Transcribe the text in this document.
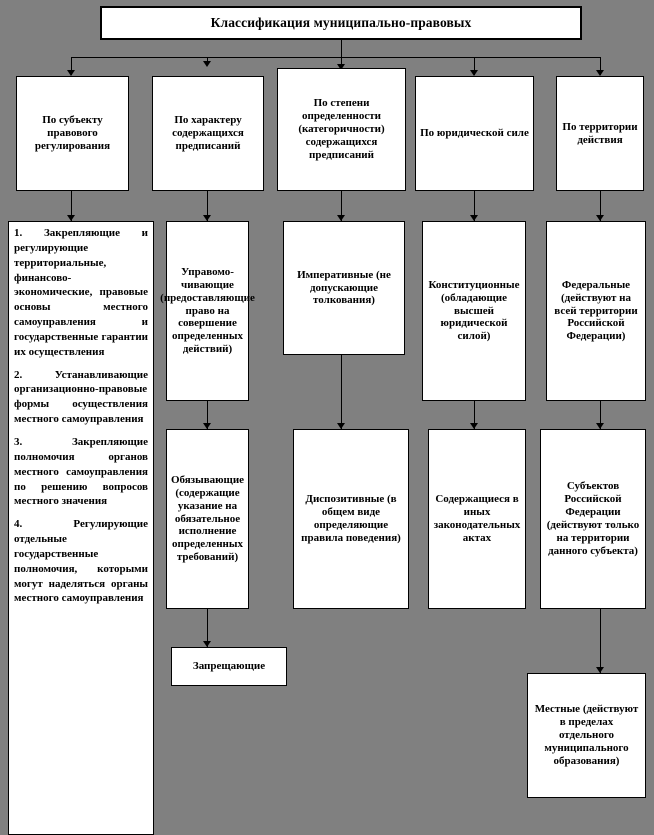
Классификация муниципально-правовых
По субъекту правового регулирования
По характеру содержащихся предписаний
По степени определенности (категоричности) содержащихся предписаний
По юридической силе
По территории действия

1. Закрепляющие и регулирующие территориальные, финансово-экономические, правовые основы местного самоуправления и государственные гарантии их осуществления

2. Устанавливающие организационно-правовые формы осуществления местного самоуправления

3. Закрепляющие полномочия органов местного самоуправления по решению вопросов местного значения

4. Регулирующие отдельные государственные полномочия, которыми могут наделяться органы местного самоуправления

Управомо-чивающие (предоставляющие право на совершение определенных действий)
Обязывающие (содержащие указание на обязательное исполнение определенных требований)
Запрещающие
Императивные (не допускающие толкования)
Диспозитивные (в общем виде определяющие правила поведения)
Конституционные (обладающие высшей юридической силой)
Содержащиеся в иных законодательных актах
Федеральные (действуют на всей территории Российской Федерации)
Субъектов Российской Федерации (действуют только на территории данного субъекта)
Местные (действуют в пределах отдельного муниципального образования)
